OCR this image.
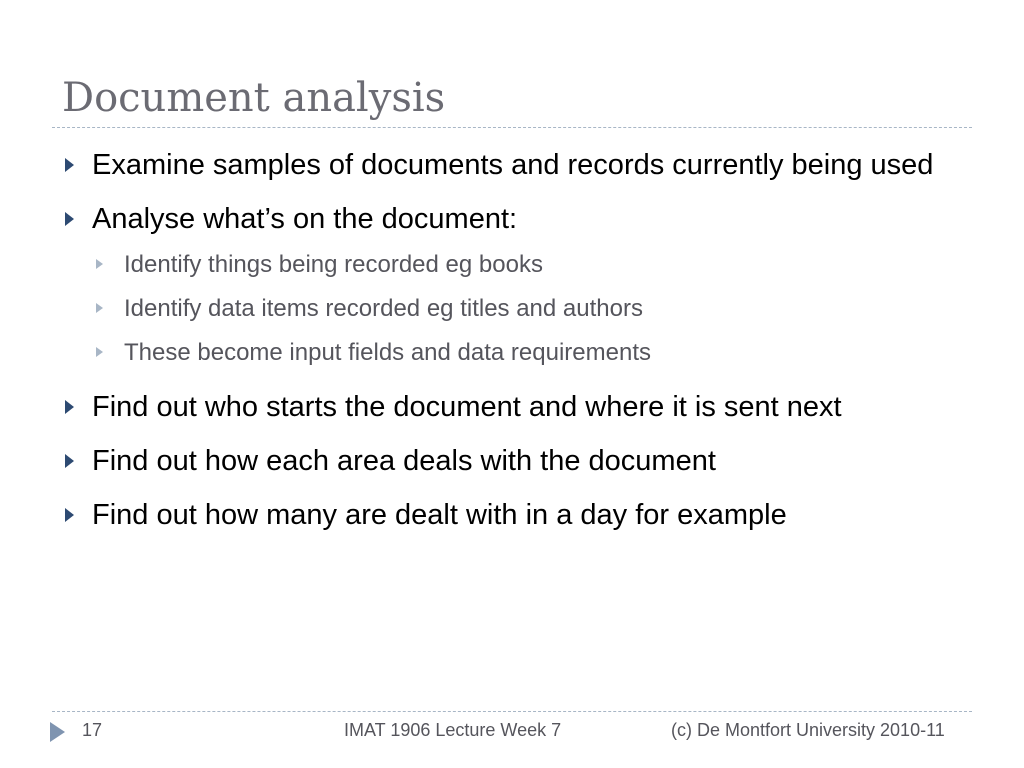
Document analysis
Examine samples of documents and records currently being used
Analyse what’s on the document:
Identify things being recorded eg books
Identify data items recorded eg titles and authors
These become input fields and data requirements
Find out who starts the document and where it is sent next
Find out how each area deals with the document
Find out how many are dealt with in a day for example
17	IMAT 1906 Lecture Week 7	(c) De Montfort University 2010-11
